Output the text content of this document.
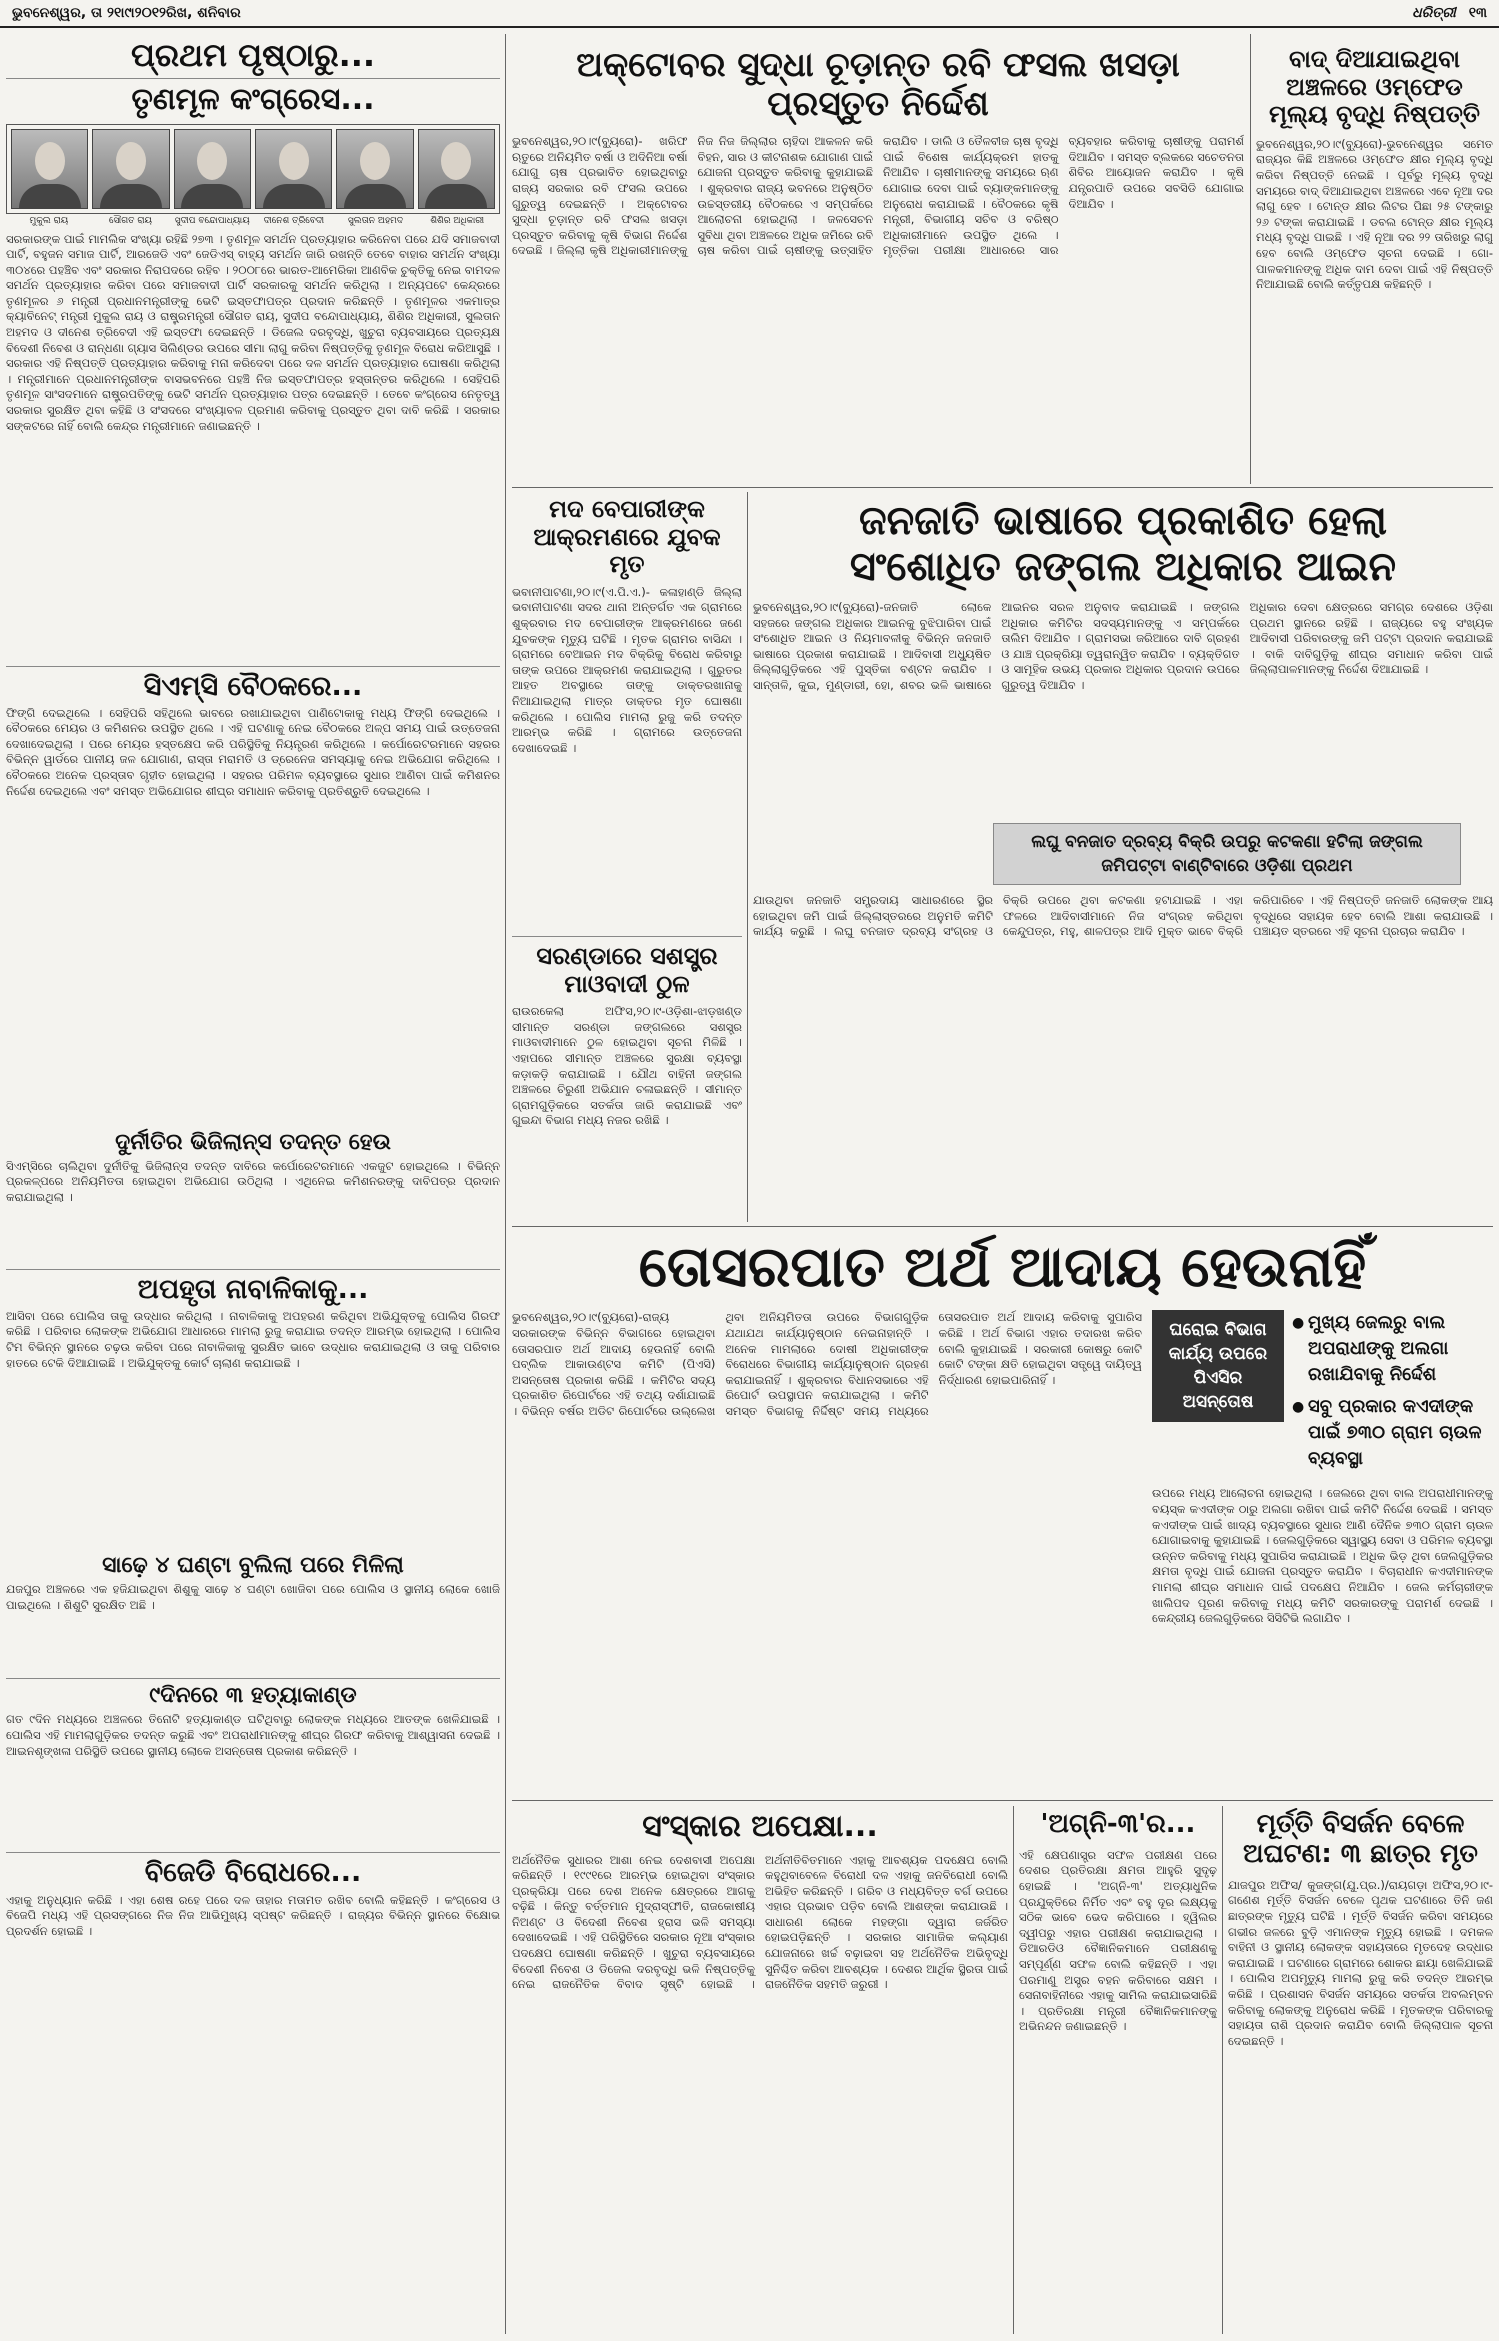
ଭୁବନେଶ୍ୱର, ତା ୨୧ା୯ା୨୦୧୨ରିଖ, ଶନିବାର	ଧରିତ୍ରୀ ୧୩

ପ୍ରଥମ ପୃଷ୍ଠାରୁ...

ତୃଣମୂଳ କଂଗ୍ରେସ...

ମୁକୁଲ ରାୟ	ସୌଗତ ରାୟ	ସୁଦୀପ ବନ୍ଦୋପାଧ୍ୟାୟ	ଦୀନେଶ ତ୍ରିବେଦୀ	ସୁଲତାନ ଅହମଦ	ଶିଶିର ଅଧିକାରୀ

ସରକାରଙ୍କ ପାଇଁ ମାମଲିକ ସଂଖ୍ୟା ରହିଛି ୨୭୩ । ତୃଣମୂଳ ସମର୍ଥନ ପ୍ରତ୍ୟାହାର କରିନେବା ପରେ ଯଦି ସମାଜବାଦୀ ପାର୍ଟି, ବହୁଜନ ସମାଜ ପାର୍ଟି, ଆରଜେଡି ଏବଂ ଜେଡିଏସ୍ ବାହ୍ୟ ସମର୍ଥନ ଜାରି ରଖନ୍ତି ତେବେ ବାହାର ସମର୍ଥନ ସଂଖ୍ୟା ୩୦୪ରେ ପହଞ୍ଚିବ ଏବଂ ସରକାର ନିରାପଦରେ ରହିବ । ୨୦୦୮ରେ ଭାରତ-ଆମେରିକା ଆଣବିକ ଚୁକ୍ତିକୁ ନେଇ ବାମଦଳ ସମର୍ଥନ ପ୍ରତ୍ୟାହାର କରିବା ପରେ ସମାଜବାଦୀ ପାର୍ଟି ସରକାରକୁ ସମର୍ଥନ କରିଥିଲା । ଅନ୍ୟପଟେ କେନ୍ଦ୍ରରେ ତୃଣମୂଳର ୬ ମନ୍ତ୍ରୀ ପ୍ରଧାନମନ୍ତ୍ରୀଙ୍କୁ ଭେଟି ଇସ୍ତଫାପତ୍ର ପ୍ରଦାନ କରିଛନ୍ତି । ତୃଣମୂଳର ଏକମାତ୍ର କ୍ୟାବିନେଟ୍ ମନ୍ତ୍ରୀ ମୁକୁଲ ରାୟ ଓ ରାଷ୍ଟ୍ରମନ୍ତ୍ରୀ ସୌଗତ ରାୟ, ସୁଦୀପ ବନ୍ଦୋପାଧ୍ୟାୟ, ଶିଶିର ଅଧିକାରୀ, ସୁଲତାନ ଅହମଦ ଓ ଦୀନେଶ ତ୍ରିବେଦୀ ଏହି ଇସ୍ତଫା ଦେଇଛନ୍ତି । ଡିଜେଲ ଦରବୃଦ୍ଧି, ଖୁଚୁରା ବ୍ୟବସାୟରେ ପ୍ରତ୍ୟକ୍ଷ ବିଦେଶୀ ନିବେଶ ଓ ରାନ୍ଧଣା ଗ୍ୟାସ ସିଲିଣ୍ଡର ଉପରେ ସୀମା ଲାଗୁ କରିବା ନିଷ୍ପତ୍ତିକୁ ତୃଣମୂଳ ବିରୋଧ କରିଆସୁଛି । ସରକାର ଏହି ନିଷ୍ପତ୍ତି ପ୍ରତ୍ୟାହାର କରିବାକୁ ମନା କରିଦେବା ପରେ ଦଳ ସମର୍ଥନ ପ୍ରତ୍ୟାହାର ଘୋଷଣା କରିଥିଲା । ମନ୍ତ୍ରୀମାନେ ପ୍ରଧାନମନ୍ତ୍ରୀଙ୍କ ବାସଭବନରେ ପହଞ୍ଚି ନିଜ ଇସ୍ତଫାପତ୍ର ହସ୍ତାନ୍ତର କରିଥିଲେ । ସେହିପରି ତୃଣମୂଳ ସାଂସଦମାନେ ରାଷ୍ଟ୍ରପତିଙ୍କୁ ଭେଟି ସମର୍ଥନ ପ୍ରତ୍ୟାହାର ପତ୍ର ଦେଇଛନ୍ତି । ତେବେ କଂଗ୍ରେସ ନେତୃତ୍ୱ ସରକାର ସୁରକ୍ଷିତ ଥିବା କହିଛି ଓ ସଂସଦରେ ସଂଖ୍ୟାବଳ ପ୍ରମାଣ କରିବାକୁ ପ୍ରସ୍ତୁତ ଥିବା ଦାବି କରିଛି । ସରକାର ସଙ୍କଟରେ ନାହିଁ ବୋଲି କେନ୍ଦ୍ର ମନ୍ତ୍ରୀମାନେ ଜଣାଇଛନ୍ତି ।

ସିଏମ୍ସି ବୈଠକରେ...

ଫିଙ୍ଗି ଦେଇଥିଲେ । ସେହିପରି ସହିଥିଲେ ଭାବରେ ରଖାଯାଇଥିବା ପାଣିଟୋକାକୁ ମଧ୍ୟ ଫିଙ୍ଗି ଦେଇଥିଲେ । ବୈଠକରେ ମେୟର ଓ କମିଶନର ଉପସ୍ଥିତ ଥିଲେ । ଏହି ଘଟଣାକୁ ନେଇ ବୈଠକରେ ଅଳ୍ପ ସମୟ ପାଇଁ ଉତ୍ତେଜନା ଦେଖାଦେଇଥିଲା । ପରେ ମେୟର ହସ୍ତକ୍ଷେପ କରି ପରିସ୍ଥିତିକୁ ନିୟନ୍ତ୍ରଣ କରିଥିଲେ । କର୍ପୋରେଟରମାନେ ସହରର ବିଭିନ୍ନ ୱାର୍ଡରେ ପାନୀୟ ଜଳ ଯୋଗାଣ, ରାସ୍ତା ମରାମତି ଓ ଡ୍ରେନେଜ ସମସ୍ୟାକୁ ନେଇ ଅଭିଯୋଗ କରିଥିଲେ । ବୈଠକରେ ଅନେକ ପ୍ରସ୍ତାବ ଗୃହୀତ ହୋଇଥିଲା । ସହରର ପରିମଳ ବ୍ୟବସ୍ଥାରେ ସୁଧାର ଆଣିବା ପାଇଁ କମିଶନର ନିର୍ଦ୍ଦେଶ ଦେଇଥିଲେ ଏବଂ ସମସ୍ତ ଅଭିଯୋଗର ଶୀଘ୍ର ସମାଧାନ କରିବାକୁ ପ୍ରତିଶ୍ରୁତି ଦେଇଥିଲେ ।

ଦୁର୍ନୀତିର ଭିଜିଲାନ୍ସ ତଦନ୍ତ ହେଉ

ସିଏମ୍ସିରେ ଚାଲିଥିବା ଦୁର୍ନୀତିକୁ ଭିଜିଲାନ୍ସ ତଦନ୍ତ ଦାବିରେ କର୍ପୋରେଟରମାନେ ଏକଜୁଟ ହୋଇଥିଲେ । ବିଭିନ୍ନ ପ୍ରକଳ୍ପରେ ଅନିୟମିତତା ହୋଇଥିବା ଅଭିଯୋଗ ଉଠିଥିଲା । ଏଥିନେଇ କମିଶନରଙ୍କୁ ଦାବିପତ୍ର ପ୍ରଦାନ କରାଯାଇଥିଲା ।

ଅପହୃତା ନାବାଳିକାକୁ...

ଆସିବା ପରେ ପୋଲିସ ତାକୁ ଉଦ୍ଧାର କରିଥିଲା । ନାବାଳିକାକୁ ଅପହରଣ କରିଥିବା ଅଭିଯୁକ୍ତକୁ ପୋଲିସ ଗିରଫ କରିଛି । ପରିବାର ଲୋକଙ୍କ ଅଭିଯୋଗ ଆଧାରରେ ମାମଲା ରୁଜୁ କରାଯାଇ ତଦନ୍ତ ଆରମ୍ଭ ହୋଇଥିଲା । ପୋଲିସ ଟିମ ବିଭିନ୍ନ ସ୍ଥାନରେ ଚଢ଼ଉ କରିବା ପରେ ନାବାଳିକାକୁ ସୁରକ୍ଷିତ ଭାବେ ଉଦ୍ଧାର କରାଯାଇଥିଲା ଓ ତାକୁ ପରିବାର ହାତରେ ଟେକି ଦିଆଯାଇଛି । ଅଭିଯୁକ୍ତକୁ କୋର୍ଟ ଚାଲାଣ କରାଯାଇଛି ।

ସାଢ଼େ ୪ ଘଣ୍ଟା ବୁଲିଲା ପରେ ମିଳିଲା

ଯଜପୁର ଅଞ୍ଚଳରେ ଏକ ହଜିଯାଇଥିବା ଶିଶୁକୁ ସାଢ଼େ ୪ ଘଣ୍ଟା ଖୋଜିବା ପରେ ପୋଲିସ ଓ ସ୍ଥାନୀୟ ଲୋକେ ଖୋଜି ପାଇଥିଲେ । ଶିଶୁଟି ସୁରକ୍ଷିତ ଅଛି ।

୯ଦିନରେ ୩ ହତ୍ୟାକାଣ୍ଡ

ଗତ ୯ଦିନ ମଧ୍ୟରେ ଅଞ୍ଚଳରେ ତିନୋଟି ହତ୍ୟାକାଣ୍ଡ ଘଟିଥିବାରୁ ଲୋକଙ୍କ ମଧ୍ୟରେ ଆତଙ୍କ ଖେଳିଯାଇଛି । ପୋଲିସ ଏହି ମାମଲାଗୁଡ଼ିକର ତଦନ୍ତ କରୁଛି ଏବଂ ଅପରାଧୀମାନଙ୍କୁ ଶୀଘ୍ର ଗିରଫ କରିବାକୁ ଆଶ୍ୱାସନା ଦେଇଛି । ଆଇନଶୃଙ୍ଖଳା ପରିସ୍ଥିତି ଉପରେ ସ୍ଥାନୀୟ ଲୋକେ ଅସନ୍ତୋଷ ପ୍ରକାଶ କରିଛନ୍ତି ।

ବିଜେଡି ବିରୋଧରେ...

ଏହାକୁ ଅନୁଧ୍ୟାନ କରିଛି । ଏହା ଶେଷ ରହେ ପରେ ଦଳ ତାହାର ମତାମତ ରଖିବ ବୋଲି କହିଛନ୍ତି । କଂଗ୍ରେସ ଓ ବିଜେପି ମଧ୍ୟ ଏହି ପ୍ରସଙ୍ଗରେ ନିଜ ନିଜ ଆଭିମୁଖ୍ୟ ସ୍ପଷ୍ଟ କରିଛନ୍ତି । ରାଜ୍ୟର ବିଭିନ୍ନ ସ୍ଥାନରେ ବିକ୍ଷୋଭ ପ୍ରଦର୍ଶନ ହୋଇଛି ।

ଅକ୍ଟୋବର ସୁଦ୍ଧା ଚୂଡ଼ାନ୍ତ ରବି ଫସଲ ଖସଡ଼ା ପ୍ରସ୍ତୁତ ନିର୍ଦ୍ଦେଶ

ଭୁବନେଶ୍ୱର,୨୦।୯(ବ୍ୟୁରୋ)- ଖରିଫ ଋତୁରେ ଅନିୟମିତ ବର୍ଷା ଓ ଅଦିନିଆ ବର୍ଷା ଯୋଗୁ ଚାଷ ପ୍ରଭାବିତ ହୋଇଥିବାରୁ ରାଜ୍ୟ ସରକାର ରବି ଫସଲ ଉପରେ ଗୁରୁତ୍ୱ ଦେଇଛନ୍ତି । ଅକ୍ଟୋବର ସୁଦ୍ଧା ଚୂଡ଼ାନ୍ତ ରବି ଫସଲ ଖସଡ଼ା ପ୍ରସ୍ତୁତ କରିବାକୁ କୃଷି ବିଭାଗ ନିର୍ଦ୍ଦେଶ ଦେଇଛି । ଜିଲ୍ଲା କୃଷି ଅଧିକାରୀମାନଙ୍କୁ ନିଜ ନିଜ ଜିଲ୍ଲାର ଚାହିଦା ଆକଳନ କରି ବିହନ, ସାର ଓ କୀଟନାଶକ ଯୋଗାଣ ପାଇଁ ଯୋଜନା ପ୍ରସ୍ତୁତ କରିବାକୁ କୁହାଯାଇଛି । ଶୁକ୍ରବାର ରାଜ୍ୟ ଭବନରେ ଅନୁଷ୍ଠିତ ଉଚ୍ଚସ୍ତରୀୟ ବୈଠକରେ ଏ ସମ୍ପର୍କରେ ଆଲୋଚନା ହୋଇଥିଲା । ଜଳସେଚନ ସୁବିଧା ଥିବା ଅଞ୍ଚଳରେ ଅଧିକ ଜମିରେ ରବି ଚାଷ କରିବା ପାଇଁ ଚାଷୀଙ୍କୁ ଉତ୍ସାହିତ କରାଯିବ । ଡାଲି ଓ ତୈଳବୀଜ ଚାଷ ବୃଦ୍ଧି ପାଇଁ ବିଶେଷ କାର୍ଯ୍ୟକ୍ରମ ହାତକୁ ନିଆଯିବ । ଚାଷୀମାନଙ୍କୁ ସମୟରେ ଋଣ ଯୋଗାଇ ଦେବା ପାଇଁ ବ୍ୟାଙ୍କମାନଙ୍କୁ ଅନୁରୋଧ କରାଯାଇଛି । ବୈଠକରେ କୃଷି ମନ୍ତ୍ରୀ, ବିଭାଗୀୟ ସଚିବ ଓ ବରିଷ୍ଠ ଅଧିକାରୀମାନେ ଉପସ୍ଥିତ ଥିଲେ । ମୃତ୍ତିକା ପରୀକ୍ଷା ଆଧାରରେ ସାର ବ୍ୟବହାର କରିବାକୁ ଚାଷୀଙ୍କୁ ପରାମର୍ଶ ଦିଆଯିବ । ସମସ୍ତ ବ୍ଲକରେ ସଚେତନତା ଶିବିର ଆୟୋଜନ କରାଯିବ । କୃଷି ଯନ୍ତ୍ରପାତି ଉପରେ ସବସିଡି ଯୋଗାଇ ଦିଆଯିବ ।

ବାଦ୍ ଦିଆଯାଇଥିବା ଅଞ୍ଚଳରେ ଓମ୍ଫେଡ ମୂଲ୍ୟ ବୃଦ୍ଧି ନିଷ୍ପତ୍ତି

ଭୁବନେଶ୍ୱର,୨୦।୯(ବ୍ୟୁରୋ)-ଭୁବନେଶ୍ୱର ସମେତ ରାଜ୍ୟର କିଛି ଅଞ୍ଚଳରେ ଓମ୍ଫେଡ କ୍ଷୀର ମୂଲ୍ୟ ବୃଦ୍ଧି କରିବା ନିଷ୍ପତ୍ତି ନେଇଛି । ପୂର୍ବରୁ ମୂଲ୍ୟ ବୃଦ୍ଧି ସମୟରେ ବାଦ୍ ଦିଆଯାଇଥିବା ଅଞ୍ଚଳରେ ଏବେ ନୂଆ ଦର ଲାଗୁ ହେବ । ଟୋନ୍ଡ କ୍ଷୀର ଲିଟର ପିଛା ୨୫ ଟଙ୍କାରୁ ୨୬ ଟଙ୍କା କରାଯାଇଛି । ଡବଲ ଟୋନ୍ଡ କ୍ଷୀର ମୂଲ୍ୟ ମଧ୍ୟ ବୃଦ୍ଧି ପାଇଛି । ଏହି ନୂଆ ଦର ୨୨ ତାରିଖରୁ ଲାଗୁ ହେବ ବୋଲି ଓମ୍ଫେଡ ସୂଚନା ଦେଇଛି । ଗୋ-ପାଳକମାନଙ୍କୁ ଅଧିକ ଦାମ ଦେବା ପାଇଁ ଏହି ନିଷ୍ପତ୍ତି ନିଆଯାଇଛି ବୋଲି କର୍ତ୍ତୃପକ୍ଷ କହିଛନ୍ତି ।

ମଦ ବେପାରୀଙ୍କ ଆକ୍ରମଣରେ ଯୁବକ ମୃତ

ଭବାନୀପାଟଣା,୨୦।୯(ଏ.ପି.ଏ.)- କଳାହାଣ୍ଡି ଜିଲ୍ଲା ଭବାନୀପାଟଣା ସଦର ଥାନା ଅନ୍ତର୍ଗତ ଏକ ଗ୍ରାମରେ ଶୁକ୍ରବାର ମଦ ବେପାରୀଙ୍କ ଆକ୍ରମଣରେ ଜଣେ ଯୁବକଙ୍କ ମୃତ୍ୟୁ ଘଟିଛି । ମୃତକ ଗ୍ରାମର ବାସିନ୍ଦା । ଗ୍ରାମରେ ବେଆଇନ ମଦ ବିକ୍ରିକୁ ବିରୋଧ କରିବାରୁ ତାଙ୍କ ଉପରେ ଆକ୍ରମଣ କରାଯାଇଥିଲା । ଗୁରୁତର ଆହତ ଅବସ୍ଥାରେ ତାଙ୍କୁ ଡାକ୍ତରଖାନାକୁ ନିଆଯାଇଥିଲା ମାତ୍ର ଡାକ୍ତର ମୃତ ଘୋଷଣା କରିଥିଲେ । ପୋଲିସ ମାମଲା ରୁଜୁ କରି ତଦନ୍ତ ଆରମ୍ଭ କରିଛି । ଗ୍ରାମରେ ଉତ୍ତେଜନା ଦେଖାଦେଇଛି ।

ସରଣ୍ଡାରେ ସଶସ୍ତ୍ର ମାଓବାଦୀ ଠୁଳ

ରାଉରକେଲା ଅଫିସ,୨୦।୯-ଓଡ଼ିଶା-ଝାଡ଼ଖଣ୍ଡ ସୀମାନ୍ତ ସରଣ୍ଡା ଜଙ୍ଗଲରେ ସଶସ୍ତ୍ର ମାଓବାଦୀମାନେ ଠୁଳ ହୋଇଥିବା ସୂଚନା ମିଳିଛି । ଏହାପରେ ସୀମାନ୍ତ ଅଞ୍ଚଳରେ ସୁରକ୍ଷା ବ୍ୟବସ୍ଥା କଡ଼ାକଡ଼ି କରାଯାଇଛି । ଯୌଥ ବାହିନୀ ଜଙ୍ଗଲ ଅଞ୍ଚଳରେ ଚିରୁଣୀ ଅଭିଯାନ ଚଳାଇଛନ୍ତି । ସୀମାନ୍ତ ଗ୍ରାମଗୁଡ଼ିକରେ ସତର୍କତା ଜାରି କରାଯାଇଛି ଏବଂ ଗୁଇନ୍ଦା ବିଭାଗ ମଧ୍ୟ ନଜର ରଖିଛି ।

ଜନଜାତି ଭାଷାରେ ପ୍ରକାଶିତ ହେଲା

ସଂଶୋଧିତ ଜଙ୍ଗଲ ଅଧିକାର ଆଇନ

ଭୁବନେଶ୍ୱର,୨୦।୯(ବ୍ୟୁରୋ)-ଜନଜାତି ଲୋକେ ସହଜରେ ଜଙ୍ଗଲ ଅଧିକାର ଆଇନକୁ ବୁଝିପାରିବା ପାଇଁ ସଂଶୋଧିତ ଆଇନ ଓ ନିୟମାବଳୀକୁ ବିଭିନ୍ନ ଜନଜାତି ଭାଷାରେ ପ୍ରକାଶ କରାଯାଇଛି । ଆଦିବାସୀ ଅଧ୍ୟୁଷିତ ଜିଲ୍ଲାଗୁଡ଼ିକରେ ଏହି ପୁସ୍ତିକା ବଣ୍ଟନ କରାଯିବ । ସାନ୍ତାଳି, କୁଇ, ମୁଣ୍ଡାରୀ, ହୋ, ଶବର ଭଳି ଭାଷାରେ ଆଇନର ସରଳ ଅନୁବାଦ କରାଯାଇଛି । ଜଙ୍ଗଲ ଅଧିକାର କମିଟିର ସଦସ୍ୟମାନଙ୍କୁ ଏ ସମ୍ପର୍କରେ ତାଲିମ ଦିଆଯିବ । ଗ୍ରାମସଭା ଜରିଆରେ ଦାବି ଗ୍ରହଣ ଓ ଯାଞ୍ଚ ପ୍ରକ୍ରିୟା ତ୍ୱରାନ୍ୱିତ କରାଯିବ । ବ୍ୟକ୍ତିଗତ ଓ ସାମୂହିକ ଉଭୟ ପ୍ରକାର ଅଧିକାର ପ୍ରଦାନ ଉପରେ ଗୁରୁତ୍ୱ ଦିଆଯିବ ।

ଅଧିକାର ଦେବା କ୍ଷେତ୍ରରେ ସମଗ୍ର ଦେଶରେ ଓଡ଼ିଶା ପ୍ରଥମ ସ୍ଥାନରେ ରହିଛି । ରାଜ୍ୟରେ ବହୁ ସଂଖ୍ୟକ ଆଦିବାସୀ ପରିବାରଙ୍କୁ ଜମି ପଟ୍ଟା ପ୍ରଦାନ କରାଯାଇଛି । ବାକି ଦାବିଗୁଡ଼ିକୁ ଶୀଘ୍ର ସମାଧାନ କରିବା ପାଇଁ ଜିଲ୍ଲାପାଳମାନଙ୍କୁ ନିର୍ଦ୍ଦେଶ ଦିଆଯାଇଛି ।

ଲଘୁ ବନଜାତ ଦ୍ରବ୍ୟ ବିକ୍ରି ଉପରୁ କଟକଣା ହଟିଲା ଜଙ୍ଗଲ ଜମିପଟ୍ଟା ବାଣ୍ଟିବାରେ ଓଡ଼ିଶା ପ୍ରଥମ

ଯାଉଥିବା ଜନଜାତି ସମ୍ପ୍ରଦାୟ ସାଧାରଣରେ ସ୍ଥିର ହୋଇଥିବା ଜମି ପାଇଁ ଜିଲ୍ଲାସ୍ତରରେ ଅନୁମତି କମିଟି କାର୍ଯ୍ୟ କରୁଛି । ଲଘୁ ବନଜାତ ଦ୍ରବ୍ୟ ସଂଗ୍ରହ ଓ ବିକ୍ରି ଉପରେ ଥିବା କଟକଣା ହଟାଯାଇଛି । ଏହା ଫଳରେ ଆଦିବାସୀମାନେ ନିଜ ସଂଗ୍ରହ କରିଥିବା କେନ୍ଦୁପତ୍ର, ମହୁ, ଶାଳପତ୍ର ଆଦି ମୁକ୍ତ ଭାବେ ବିକ୍ରି କରିପାରିବେ । ଏହି ନିଷ୍ପତ୍ତି ଜନଜାତି ଲୋକଙ୍କ ଆୟ ବୃଦ୍ଧିରେ ସହାୟକ ହେବ ବୋଲି ଆଶା କରାଯାଉଛି । ପଞ୍ଚାୟତ ସ୍ତରରେ ଏହି ସୂଚନା ପ୍ରଚାର କରାଯିବ ।

ତୋସରପାତ ଅର୍ଥ ଆଦାୟ ହେଉନାହିଁ

ଭୁବନେଶ୍ୱର,୨୦।୯(ବ୍ୟୁରୋ)-ରାଜ୍ୟ ସରକାରଙ୍କ ବିଭିନ୍ନ ବିଭାଗରେ ହୋଇଥିବା ତୋସରପାତ ଅର୍ଥ ଆଦାୟ ହେଉନାହିଁ ବୋଲି ପବ୍ଲିକ ଆକାଉଣ୍ଟସ କମିଟି (ପିଏସି) ଅସନ୍ତୋଷ ପ୍ରକାଶ କରିଛି । କମିଟିର ସଦ୍ୟ ପ୍ରକାଶିତ ରିପୋର୍ଟରେ ଏହି ତଥ୍ୟ ଦର୍ଶାଯାଇଛି । ବିଭିନ୍ନ ବର୍ଷର ଅଡିଟ ରିପୋର୍ଟରେ ଉଲ୍ଲେଖ ଥିବା ଅନିୟମିତତା ଉପରେ ବିଭାଗଗୁଡ଼ିକ ଯଥାଯଥ କାର୍ଯ୍ୟାନୁଷ୍ଠାନ ନେଇନାହାନ୍ତି । ଅନେକ ମାମଲାରେ ଦୋଷୀ ଅଧିକାରୀଙ୍କ ବିରୋଧରେ ବିଭାଗୀୟ କାର୍ଯ୍ୟାନୁଷ୍ଠାନ ଗ୍ରହଣ କରାଯାଇନାହିଁ । ଶୁକ୍ରବାର ବିଧାନସଭାରେ ଏହି ରିପୋର୍ଟ ଉପସ୍ଥାପନ କରାଯାଇଥିଲା । କମିଟି ସମସ୍ତ ବିଭାଗକୁ ନିର୍ଦ୍ଦିଷ୍ଟ ସମୟ ମଧ୍ୟରେ ତୋସରପାତ ଅର୍ଥ ଆଦାୟ କରିବାକୁ ସୁପାରିସ କରିଛି । ଅର୍ଥ ବିଭାଗ ଏହାର ତଦାରଖ କରିବ ବୋଲି କୁହାଯାଇଛି । ସରକାରୀ କୋଷରୁ କୋଟି କୋଟି ଟଙ୍କା କ୍ଷତି ହୋଇଥିବା ସତ୍ତ୍ୱେ ଦାୟିତ୍ୱ ନିର୍ଦ୍ଧାରଣ ହୋଇପାରିନାହିଁ ।

ଘରୋଇ ବିଭାଗ କାର୍ଯ୍ୟ ଉପରେ ପିଏସିର ଅସନ୍ତୋଷ
● ମୁଖ୍ୟ ଜେଲରୁ ବାଲ ଅପରାଧୀଙ୍କୁ ଅଲଗା ରଖାଯିବାକୁ ନିର୍ଦ୍ଦେଶ
● ସବୁ ପ୍ରକାର କଏଦୀଙ୍କ ପାଇଁ ୭୩୦ ଗ୍ରାମ ଚାଉଳ ବ୍ୟବସ୍ଥା

ଉପରେ ମଧ୍ୟ ଆଲୋଚନା ହୋଇଥିଲା । ଜେଲରେ ଥିବା ବାଲ ଅପରାଧୀମାନଙ୍କୁ ବୟସ୍କ କଏଦୀଙ୍କ ଠାରୁ ଅଲଗା ରଖିବା ପାଇଁ କମିଟି ନିର୍ଦ୍ଦେଶ ଦେଇଛି । ସମସ୍ତ କଏଦୀଙ୍କ ପାଇଁ ଖାଦ୍ୟ ବ୍ୟବସ୍ଥାରେ ସୁଧାର ଆଣି ଦୈନିକ ୭୩୦ ଗ୍ରାମ ଚାଉଳ ଯୋଗାଇବାକୁ କୁହାଯାଇଛି । ଜେଲଗୁଡ଼ିକରେ ସ୍ୱାସ୍ଥ୍ୟ ସେବା ଓ ପରିମଳ ବ୍ୟବସ୍ଥା ଉନ୍ନତ କରିବାକୁ ମଧ୍ୟ ସୁପାରିସ କରାଯାଇଛି । ଅଧିକ ଭିଡ଼ ଥିବା ଜେଲଗୁଡ଼ିକର କ୍ଷମତା ବୃଦ୍ଧି ପାଇଁ ଯୋଜନା ପ୍ରସ୍ତୁତ କରାଯିବ । ବିଚାରାଧୀନ କଏଦୀମାନଙ୍କ ମାମଲା ଶୀଘ୍ର ସମାଧାନ ପାଇଁ ପଦକ୍ଷେପ ନିଆଯିବ । ଜେଲ କର୍ମଚାରୀଙ୍କ ଖାଲିପଦ ପୂରଣ କରିବାକୁ ମଧ୍ୟ କମିଟି ସରକାରଙ୍କୁ ପରାମର୍ଶ ଦେଇଛି । କେନ୍ଦ୍ରୀୟ ଜେଲଗୁଡ଼ିକରେ ସିସିଟିଭି ଲଗାଯିବ ।

ସଂସ୍କାର ଅପେକ୍ଷା...

ଅର୍ଥନୈତିକ ସୁଧାରର ଆଶା ନେଇ ଦେଶବାସୀ ଅପେକ୍ଷା କରିଛନ୍ତି । ୧୯୯୧ରେ ଆରମ୍ଭ ହୋଇଥିବା ସଂସ୍କାର ପ୍ରକ୍ରିୟା ପରେ ଦେଶ ଅନେକ କ୍ଷେତ୍ରରେ ଆଗକୁ ବଢ଼ିଛି । କିନ୍ତୁ ବର୍ତ୍ତମାନ ମୁଦ୍ରାସ୍ଫୀତି, ରାଜକୋଷୀୟ ନିଅଣ୍ଟ ଓ ବିଦେଶୀ ନିବେଶ ହ୍ରାସ ଭଳି ସମସ୍ୟା ଦେଖାଦେଇଛି । ଏହି ପରିସ୍ଥିତିରେ ସରକାର ନୂଆ ସଂସ୍କାର ପଦକ୍ଷେପ ଘୋଷଣା କରିଛନ୍ତି । ଖୁଚୁରା ବ୍ୟବସାୟରେ ବିଦେଶୀ ନିବେଶ ଓ ଡିଜେଲ ଦରବୃଦ୍ଧି ଭଳି ନିଷ୍ପତ୍ତିକୁ ନେଇ ରାଜନୈତିକ ବିବାଦ ସୃଷ୍ଟି ହୋଇଛି । ଅର୍ଥନୀତିବିତମାନେ ଏହାକୁ ଆବଶ୍ୟକ ପଦକ୍ଷେପ ବୋଲି କହୁଥିବାବେଳେ ବିରୋଧୀ ଦଳ ଏହାକୁ ଜନବିରୋଧୀ ବୋଲି ଅଭିହିତ କରିଛନ୍ତି । ଗରିବ ଓ ମଧ୍ୟବିତ୍ତ ବର୍ଗ ଉପରେ ଏହାର ପ୍ରଭାବ ପଡ଼ିବ ବୋଲି ଆଶଙ୍କା କରାଯାଉଛି । ସାଧାରଣ ଲୋକେ ମହଙ୍ଗା ଦ୍ୱାରା ଜର୍ଜରିତ ହୋଇପଡ଼ିଛନ୍ତି । ସରକାର ସାମାଜିକ କଲ୍ୟାଣ ଯୋଜନାରେ ଖର୍ଚ୍ଚ ବଢ଼ାଇବା ସହ ଅର୍ଥନୈତିକ ଅଭିବୃଦ୍ଧି ସୁନିଶ୍ଚିତ କରିବା ଆବଶ୍ୟକ । ଦେଶର ଆର୍ଥିକ ସ୍ଥିରତା ପାଇଁ ରାଜନୈତିକ ସହମତି ଜରୁରୀ ।

'ଅଗ୍ନି-୩'ର...

ଏହି କ୍ଷେପଣାସ୍ତ୍ର ସଫଳ ପରୀକ୍ଷଣ ପରେ ଦେଶର ପ୍ରତିରକ୍ଷା କ୍ଷମତା ଆହୁରି ସୁଦୃଢ଼ ହୋଇଛି । 'ଅଗ୍ନି-୩' ଅତ୍ୟାଧୁନିକ ପ୍ରଯୁକ୍ତିରେ ନିର୍ମିତ ଏବଂ ବହୁ ଦୂର ଲକ୍ଷ୍ୟକୁ ସଠିକ ଭାବେ ଭେଦ କରିପାରେ । ହ୍ୱିଲର ଦ୍ୱୀପରୁ ଏହାର ପରୀକ୍ଷଣ କରାଯାଇଥିଲା । ଡିଆରଡିଓ ବୈଜ୍ଞାନିକମାନେ ପରୀକ୍ଷଣକୁ ସମ୍ପୂର୍ଣ୍ଣ ସଫଳ ବୋଲି କହିଛନ୍ତି । ଏହା ପରମାଣୁ ଅସ୍ତ୍ର ବହନ କରିବାରେ ସକ୍ଷମ । ସେନାବାହିନୀରେ ଏହାକୁ ସାମିଲ କରାଯାଇସାରିଛି । ପ୍ରତିରକ୍ଷା ମନ୍ତ୍ରୀ ବୈଜ୍ଞାନିକମାନଙ୍କୁ ଅଭିନନ୍ଦନ ଜଣାଇଛନ୍ତି ।

ମୂର୍ତ୍ତି ବିସର୍ଜନ ବେଳେ ଅଘଟଣ: ୩ ଛାତ୍ର ମୃତ

ଯାଜପୁର ଅଫିସ/ କୁଜଙ୍ଗ(ଯୁ.ପ୍ର.)/ରାୟଗଡ଼ା ଅଫିସ,୨୦।୯-ଗଣେଶ ମୂର୍ତ୍ତି ବିସର୍ଜନ ବେଳେ ପୃଥକ ଘଟଣାରେ ତିନି ଜଣ ଛାତ୍ରଙ୍କ ମୃତ୍ୟୁ ଘଟିଛି । ମୂର୍ତ୍ତି ବିସର୍ଜନ କରିବା ସମୟରେ ଗଭୀର ଜଳରେ ବୁଡ଼ି ଏମାନଙ୍କ ମୃତ୍ୟୁ ହୋଇଛି । ଦମକଳ ବାହିନୀ ଓ ସ୍ଥାନୀୟ ଲୋକଙ୍କ ସହାୟତାରେ ମୃତଦେହ ଉଦ୍ଧାର କରାଯାଇଛି । ଘଟଣାରେ ଗ୍ରାମରେ ଶୋକର ଛାୟା ଖେଳିଯାଇଛି । ପୋଲିସ ଅପମୃତ୍ୟୁ ମାମଲା ରୁଜୁ କରି ତଦନ୍ତ ଆରମ୍ଭ କରିଛି । ପ୍ରଶାସନ ବିସର୍ଜନ ସମୟରେ ସତର୍କତା ଅବଲମ୍ବନ କରିବାକୁ ଲୋକଙ୍କୁ ଅନୁରୋଧ କରିଛି । ମୃତକଙ୍କ ପରିବାରକୁ ସହାୟତା ରାଶି ପ୍ରଦାନ କରାଯିବ ବୋଲି ଜିଲ୍ଲାପାଳ ସୂଚନା ଦେଇଛନ୍ତି ।
